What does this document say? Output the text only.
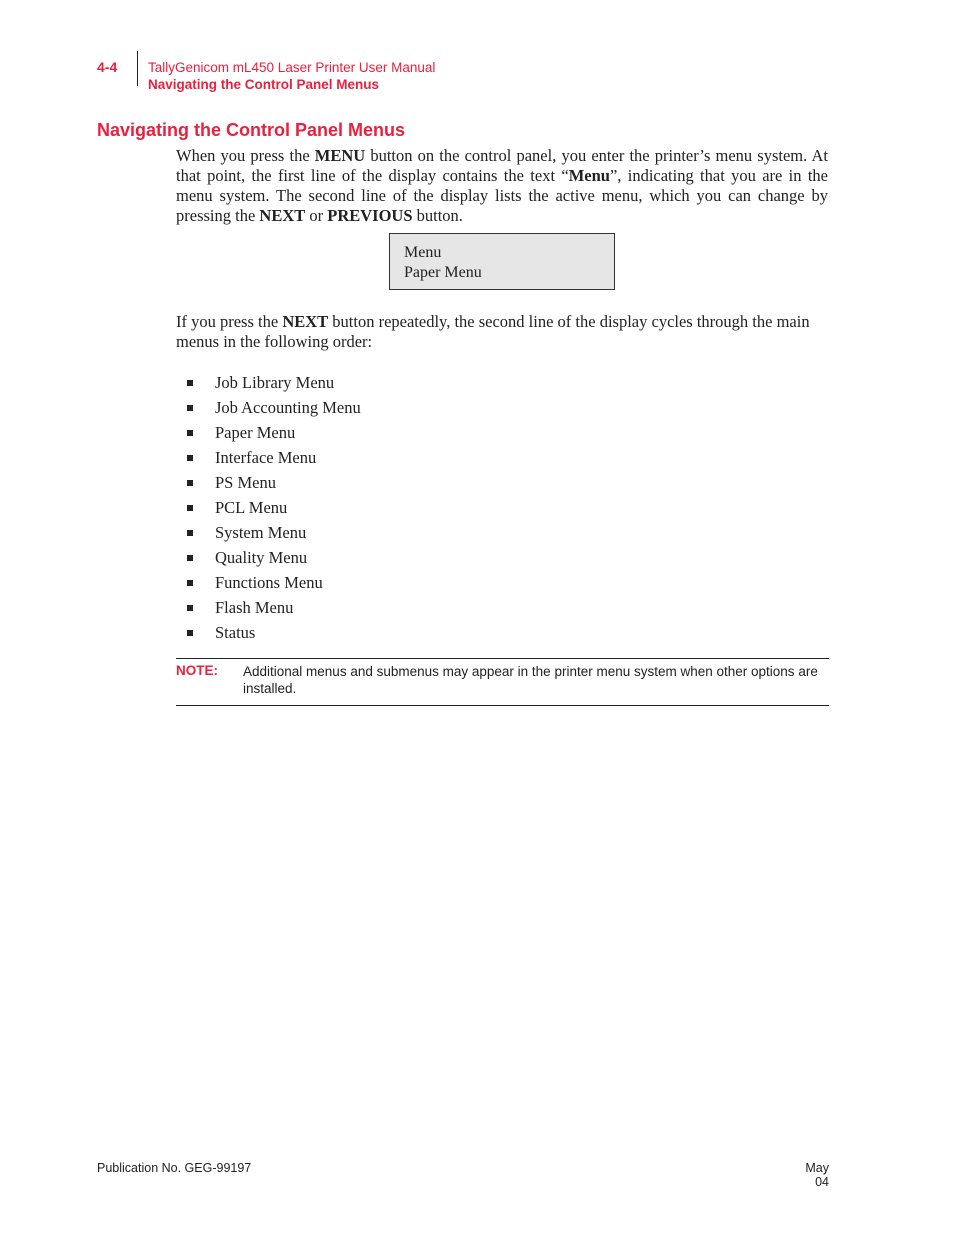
4-4 TallyGenicom mL450 Laser Printer User Manual
Navigating the Control Panel Menus
Navigating the Control Panel Menus

When you press the MENU button on the control panel, you enter the printer’s menu system. At that point, the first line of the display contains the text “Menu”, indicating that you are in the menu system. The second line of the display lists the active menu, which you can change by pressing the NEXT or PREVIOUS button.

Menu
Paper Menu

If you press the NEXT button repeatedly, the second line of the display cycles through the main menus in the following order:

Job Library Menu
Job Accounting Menu
Paper Menu
Interface Menu
PS Menu
PCL Menu
System Menu
Quality Menu
Functions Menu
Flash Menu
Status
NOTE: Additional menus and submenus may appear in the printer menu system when other options are installed.
Publication No. GEG-99197	May 04
